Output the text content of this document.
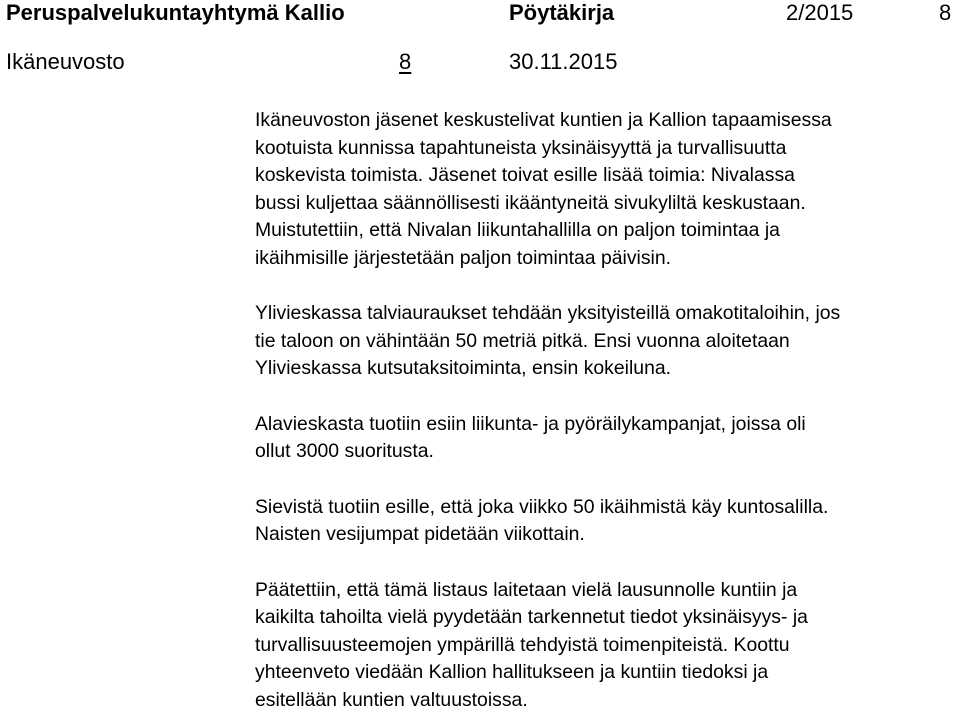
Peruspalvelukuntayhtymä Kallio	Pöytäkirja	2/2015	8
Ikäneuvosto	8	30.11.2015

Ikäneuvoston jäsenet keskustelivat kuntien ja Kallion tapaamisessa
kootuista kunnissa tapahtuneista yksinäisyyttä ja turvallisuutta
koskevista toimista. Jäsenet toivat esille lisää toimia: Nivalassa
bussi kuljettaa säännöllisesti ikääntyneitä sivukyliltä keskustaan.
Muistutettiin, että Nivalan liikuntahallilla on paljon toimintaa ja
ikäihmisille järjestetään paljon toimintaa päivisin.

Ylivieskassa talviauraukset tehdään yksityisteillä omakotitaloihin, jos
tie taloon on vähintään 50 metriä pitkä. Ensi vuonna aloitetaan
Ylivieskassa kutsutaksitoiminta, ensin kokeiluna.

Alavieskasta tuotiin esiin liikunta- ja pyöräilykampanjat, joissa oli
ollut 3000 suoritusta.

Sievistä tuotiin esille, että joka viikko 50 ikäihmistä käy kuntosalilla.
Naisten vesijumpat pidetään viikottain.

Päätettiin, että tämä listaus laitetaan vielä lausunnolle kuntiin ja
kaikilta tahoilta vielä pyydetään tarkennetut tiedot yksinäisyys- ja
turvallisuusteemojen ympärillä tehdyistä toimenpiteistä. Koottu
yhteenveto viedään Kallion hallitukseen ja kuntiin tiedoksi ja
esitellään kuntien valtuustoissa.
